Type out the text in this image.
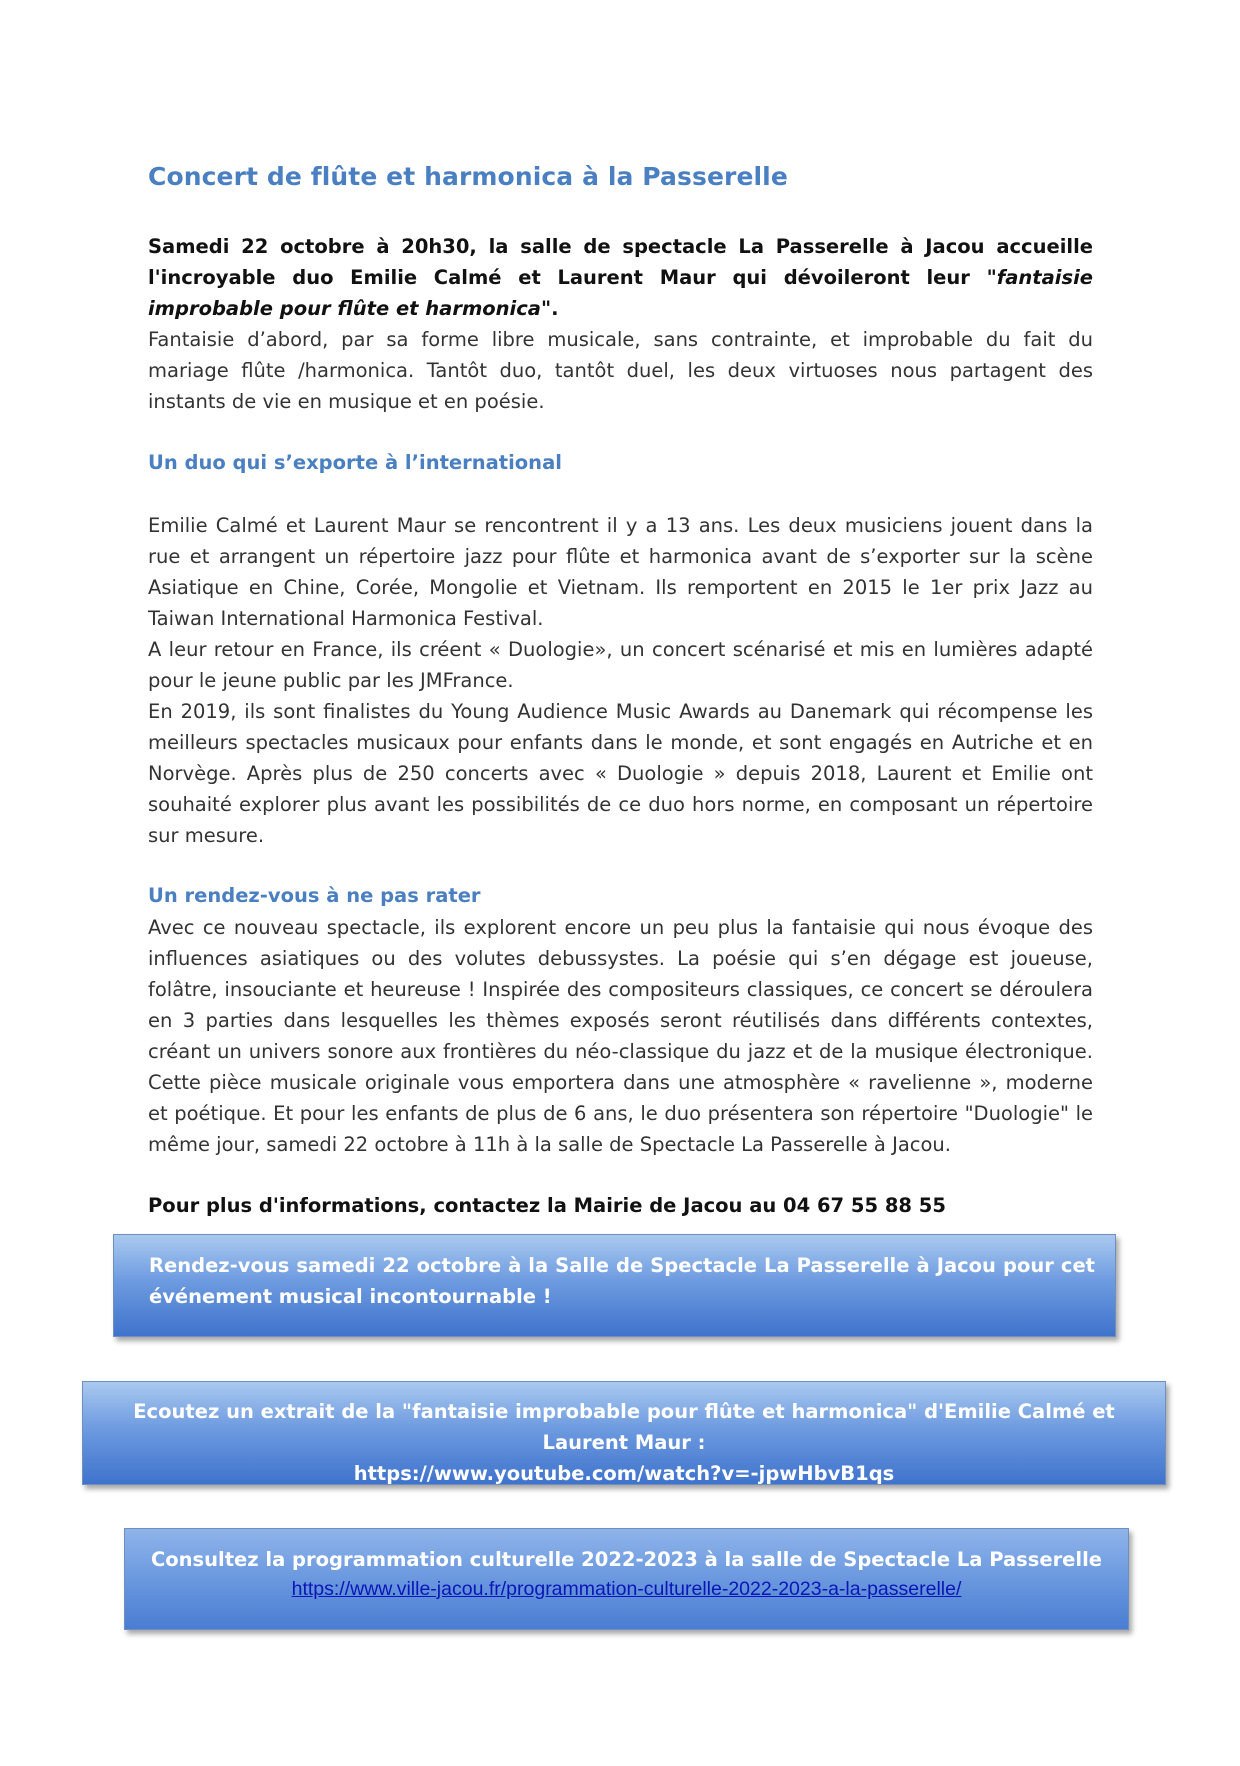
Concert de flûte et harmonica à la Passerelle

Samedi 22 octobre à 20h30, la salle de spectacle La Passerelle à Jacou accueille l'incroyable duo Emilie Calmé et Laurent Maur qui dévoileront leur "fantaisie improbable pour flûte et harmonica".

Fantaisie d’abord, par sa forme libre musicale, sans contrainte, et improbable du fait du mariage flûte /harmonica. Tantôt duo, tantôt duel, les deux virtuoses nous partagent des instants de vie en musique et en poésie.

Un duo qui s’exporte à l’international

Emilie Calmé et Laurent Maur se rencontrent il y a 13 ans. Les deux musiciens jouent dans la rue et arrangent un répertoire jazz pour flûte et harmonica avant de s’exporter sur la scène Asiatique en Chine, Corée, Mongolie et Vietnam. Ils remportent en 2015 le 1er prix Jazz au Taiwan International Harmonica Festival.

A leur retour en France, ils créent « Duologie», un concert scénarisé et mis en lumières adapté pour le jeune public par les JMFrance.

En 2019, ils sont finalistes du Young Audience Music Awards au Danemark qui récompense les meilleurs spectacles musicaux pour enfants dans le monde, et sont engagés en Autriche et en Norvège. Après plus de 250 concerts avec « Duologie » depuis 2018, Laurent et Emilie ont souhaité explorer plus avant les possibilités de ce duo hors norme, en composant un répertoire sur mesure.

Un rendez-vous à ne pas rater

Avec ce nouveau spectacle, ils explorent encore un peu plus la fantaisie qui nous évoque des influences asiatiques ou des volutes debussystes. La poésie qui s’en dégage est joueuse, folâtre, insouciante et heureuse ! Inspirée des compositeurs classiques, ce concert se déroulera en 3 parties dans lesquelles les thèmes exposés seront réutilisés dans différents contextes, créant un univers sonore aux frontières du néo-classique du jazz et de la musique électronique. Cette pièce musicale originale vous emportera dans une atmosphère « ravelienne », moderne et poétique. Et pour les enfants de plus de 6 ans, le duo présentera son répertoire "Duologie" le même jour, samedi 22 octobre à 11h à la salle de Spectacle La Passerelle à Jacou.

Pour plus d'informations, contactez la Mairie de Jacou au 04 67 55 88 55

Rendez-vous samedi 22 octobre à la Salle de Spectacle La Passerelle à Jacou pour cet événement musical incontournable !
Ecoutez un extrait de la "fantaisie improbable pour flûte et harmonica" d'Emilie Calmé et Laurent Maur :
https://www.youtube.com/watch?v=-jpwHbvB1qs
Consultez la programmation culturelle 2022-2023 à la salle de Spectacle La Passerelle
https://www.ville-jacou.fr/programmation-culturelle-2022-2023-a-la-passerelle/
